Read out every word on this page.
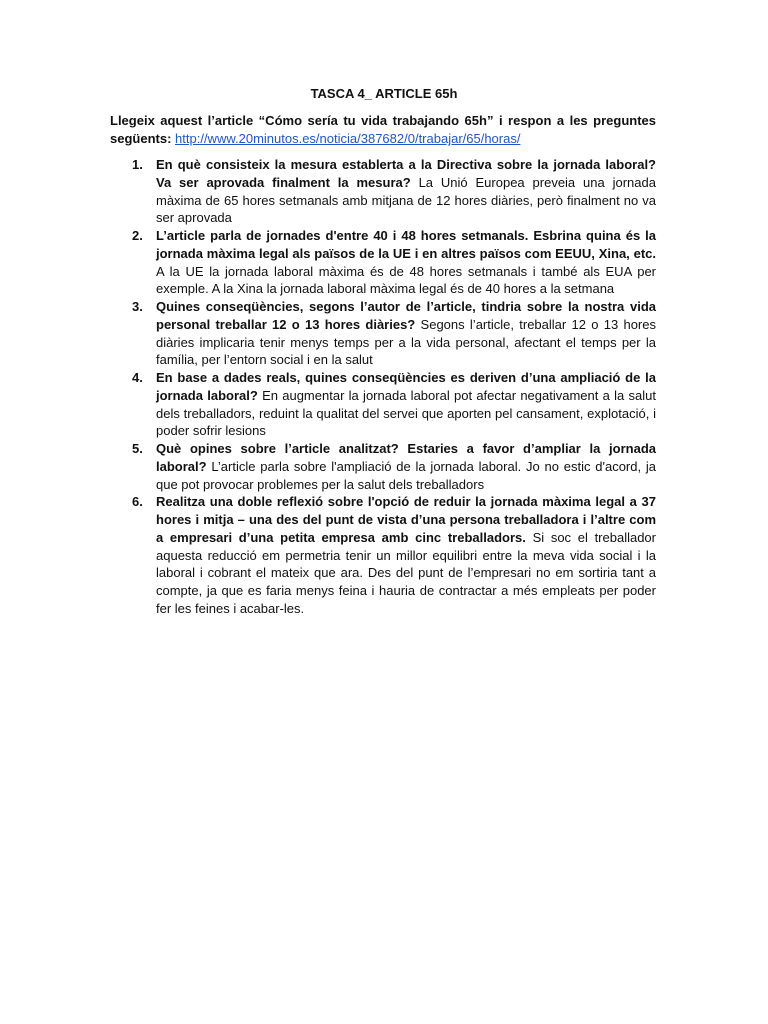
TASCA 4_ ARTICLE 65h
Llegeix aquest l’article “Cómo sería tu vida trabajando 65h” i respon a les preguntes següents: http://www.20minutos.es/noticia/387682/0/trabajar/65/horas/
1. En què consisteix la mesura establerta a la Directiva sobre la jornada laboral? Va ser aprovada finalment la mesura? La Unió Europea preveia una jornada màxima de 65 hores setmanals amb mitjana de 12 hores diàries, però finalment no va ser aprovada
2. L’article parla de jornades d'entre 40 i 48 hores setmanals. Esbrina quina és la jornada màxima legal als països de la UE i en altres països com EEUU, Xina, etc. A la UE la jornada laboral màxima és de 48 hores setmanals i també als EUA per exemple. A la Xina la jornada laboral màxima legal és de 40 hores a la setmana
3. Quines conseqüències, segons l’autor de l’article, tindria sobre la nostra vida personal treballar 12 o 13 hores diàries? Segons l’article, treballar 12 o 13 hores diàries implicaria tenir menys temps per a la vida personal, afectant el temps per la família, per l’entorn social i en la salut
4. En base a dades reals, quines conseqüències es deriven d’una ampliació de la jornada laboral? En augmentar la jornada laboral pot afectar negativament a la salut dels treballadors, reduint la qualitat del servei que aporten pel cansament, explotació, i poder sofrir lesions
5. Què opines sobre l’article analitzat? Estaries a favor d’ampliar la jornada laboral? L’article parla sobre l'ampliació de la jornada laboral. Jo no estic d'acord, ja que pot provocar problemes per la salut dels treballadors
6. Realitza una doble reflexió sobre l'opció de reduir la jornada màxima legal a 37 hores i mitja – una des del punt de vista d’una persona treballadora i l’altre com a empresari d’una petita empresa amb cinc treballadors. Si soc el treballador aquesta reducció em permetria tenir un millor equilibri entre la meva vida social i la laboral i cobrant el mateix que ara. Des del punt de l’empresari no em sortiria tant a compte, ja que es faria menys feina i hauria de contractar a més empleats per poder fer les feines i acabar-les.
